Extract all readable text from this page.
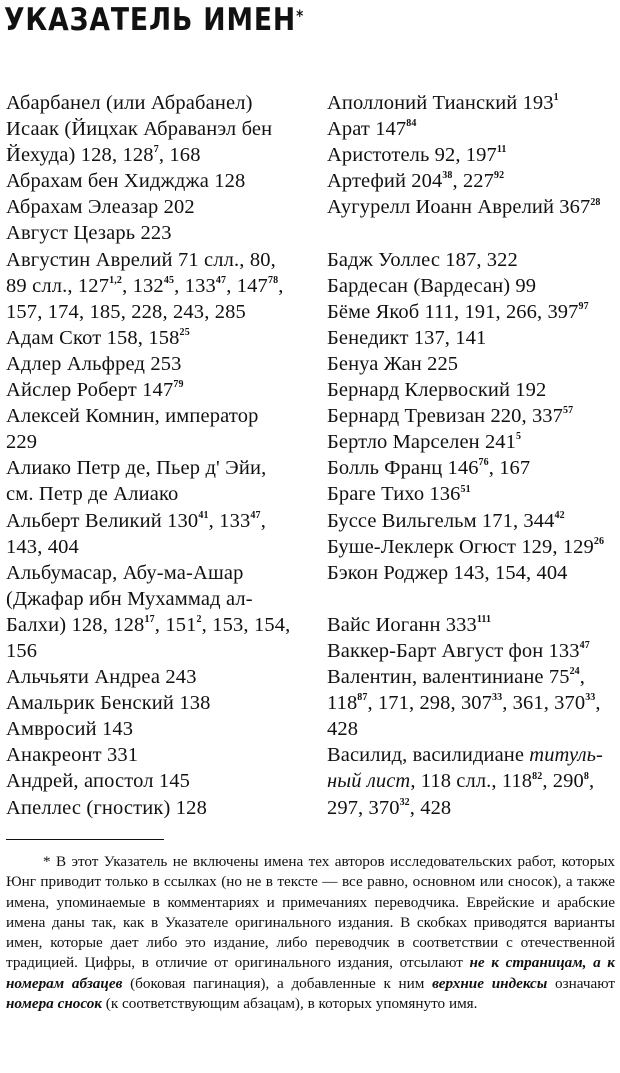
УКАЗАТЕЛЬ ИМЕН*
Абарбанел (или Абрабанел)
Исаак (Йицхак Абраванэл бен
Йехуда) 128, $128^7$, 168
Абрахам бен Хиджджа 128
Абрахам Элеазар 202
Август Цезарь 223
Августин Аврелий 71 слл., 80,
89 слл., 127$^{1,2}$, $132^{45}$, $133^{47}$, $147^{78}$,
157, 174, 185, 228, 243, 285
Адам Скот 158, $158^{25}$
Адлер Альфред 253
Айслер Роберт $147^{79}$
Алексей Комнин, император
229
Алиако Петр де, Пьер д' Эйи,
см. Петр де Алиако
Альберт Великий $130^{41}$, $133^{47}$,
143, 404
Альбумасар, Абу-ма-Ашар
(Джафар ибн Мухаммад ал-
Балхи) 128, $128^{17}$, $151^2$, 153, 154,
156
Альчьяти Андреа 243
Амальрик Бенский 138
Амвросий 143
Анакреонт 331
Андрей, апостол 145
Апеллес (гностик) 128
Аполлоний Тианский $193^1$
Арат $147^{84}$
Аристотель 92, $197^{11}$
Артефий $204^{38}$, $227^{92}$
Аугурелл Иоанн Аврелий $367^{28}$
Бадж Уоллес 187, 322
Бардесан (Вардесан) 99
Бёме Якоб 111, 191, 266, $397^{97}$
Бенедикт 137, 141
Бенуа Жан 225
Бернард Клервоский 192
Бернард Тревизан 220, $337^{57}$
Бертло Марселен $241^5$
Болль Франц $146^{76}$, 167
Браге Тихо $136^{51}$
Буссе Вильгельм 171, $344^{42}$
Буше-Леклерк Огюст 129, $129^{26}$
Бэкон Роджер 143, 154, 404
Вайс Иоганн $333^{111}$
Ваккер-Барт Август фон $133^{47}$
Валентин, валентиниане $75^{24}$,
$118^{87}$, 171, 298, $307^{33}$, 361, $370^{33}$,
428
Василид, василидиане титуль-
ный лист, 118 слл., $118^{82}$, $290^8$,
297, $370^{32}$, 428
* В этот Указатель не включены имена тех авторов исследовательских работ, которых Юнг приводит только в ссылках (но не в тексте — все равно, основном или сносок), а также имена, упоминаемые в комментариях и примечаниях переводчика. Еврейские и арабские имена даны так, как в Указателе оригинального издания. В скобках приводятся варианты имен, которые дает либо это издание, либо переводчик в соответствии с отечественной традицией. Цифры, в отличие от оригинального издания, отсылают не к страницам, а к номерам абзацев (боковая пагинация), а добавленные к ним верхние индексы означают номера сносок (к соответствующим абзацам), в которых упомянуто имя.
